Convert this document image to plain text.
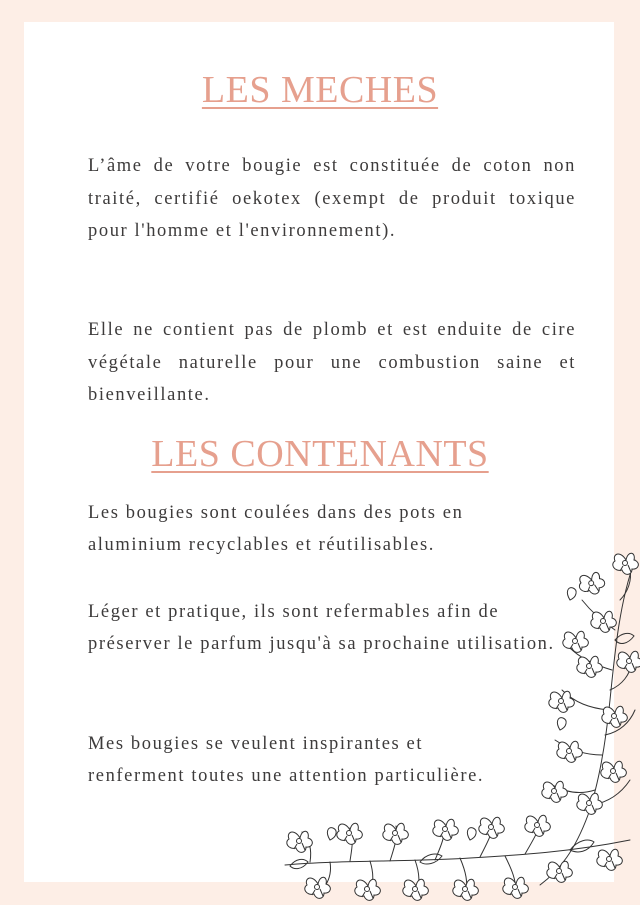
LES MECHES

L’âme de votre bougie est constituée de coton non traité, certifié oekotex (exempt de produit toxique pour l'homme et l'environnement).

Elle ne contient pas de plomb et est enduite de cire végétale naturelle pour une combustion saine et bienveillante.

LES CONTENANTS

Les bougies sont coulées dans des pots en aluminium recyclables et réutilisables.

Léger et pratique, ils sont refermables afin de préserver le parfum jusqu'à sa prochaine utilisation.

Mes bougies se veulent inspirantes et renferment toutes une attention particulière.
